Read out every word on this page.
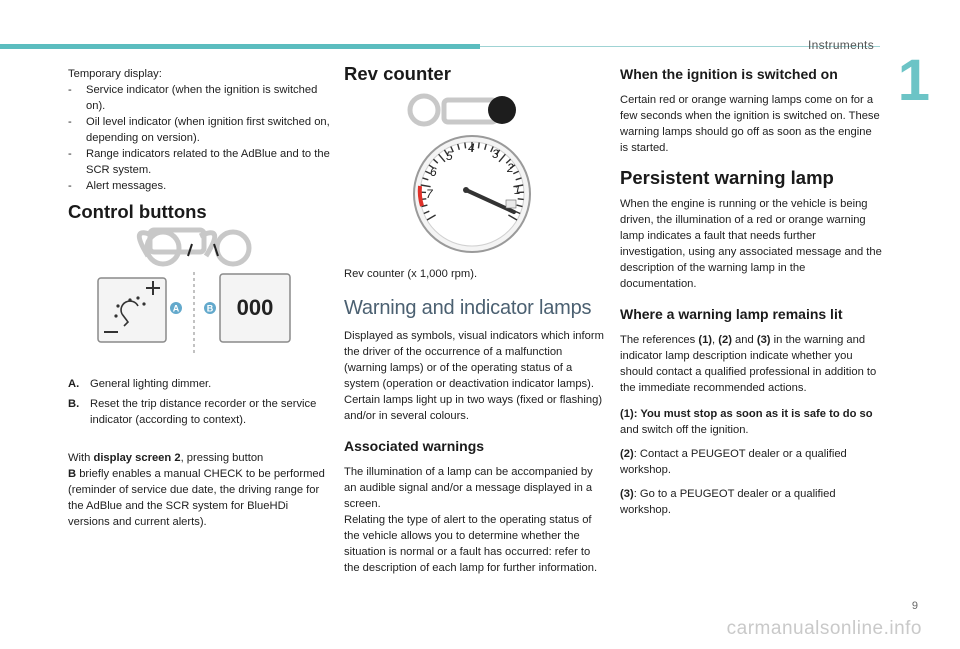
Instruments
1
Temporary display:
- Service indicator (when the ignition is switched on).
- Oil level indicator (when ignition first switched on, depending on version).
- Range indicators related to the AdBlue and to the SCR system.
- Alert messages.
Control buttons
000
A	B
A. General lighting dimmer.
B. Reset the trip distance recorder or the service indicator (according to context).

With display screen 2, pressing button
B briefly enables a manual CHECK to be performed (reminder of service due date, the driving range for the AdBlue and the SCR system for BlueHDi versions and current alerts).

Rev counter
1
2
3
4
5
6
7

Rev counter (x 1,000 rpm).

Warning and indicator lamps

Displayed as symbols, visual indicators which inform the driver of the occurrence of a malfunction (warning lamps) or of the operating status of a system (operation or deactivation indicator lamps). Certain lamps light up in two ways (fixed or flashing) and/or in several colours.

Associated warnings

The illumination of a lamp can be accompanied by an audible signal and/or a message displayed in a screen.

Relating the type of alert to the operating status of the vehicle allows you to determine whether the situation is normal or a fault has occurred: refer to the description of each lamp for further information.

When the ignition is switched on

Certain red or orange warning lamps come on for a few seconds when the ignition is switched on. These warning lamps should go off as soon as the engine is started.

Persistent warning lamp

When the engine is running or the vehicle is being driven, the illumination of a red or orange warning lamp indicates a fault that needs further investigation, using any associated message and the description of the warning lamp in the documentation.

Where a warning lamp remains lit

The references (1), (2) and (3) in the warning and indicator lamp description indicate whether you should contact a qualified professional in addition to the immediate recommended actions.

(1): You must stop as soon as it is safe to do so and switch off the ignition.

(2): Contact a PEUGEOT dealer or a qualified workshop.

(3): Go to a PEUGEOT dealer or a qualified workshop.

9
carmanualsonline.info
